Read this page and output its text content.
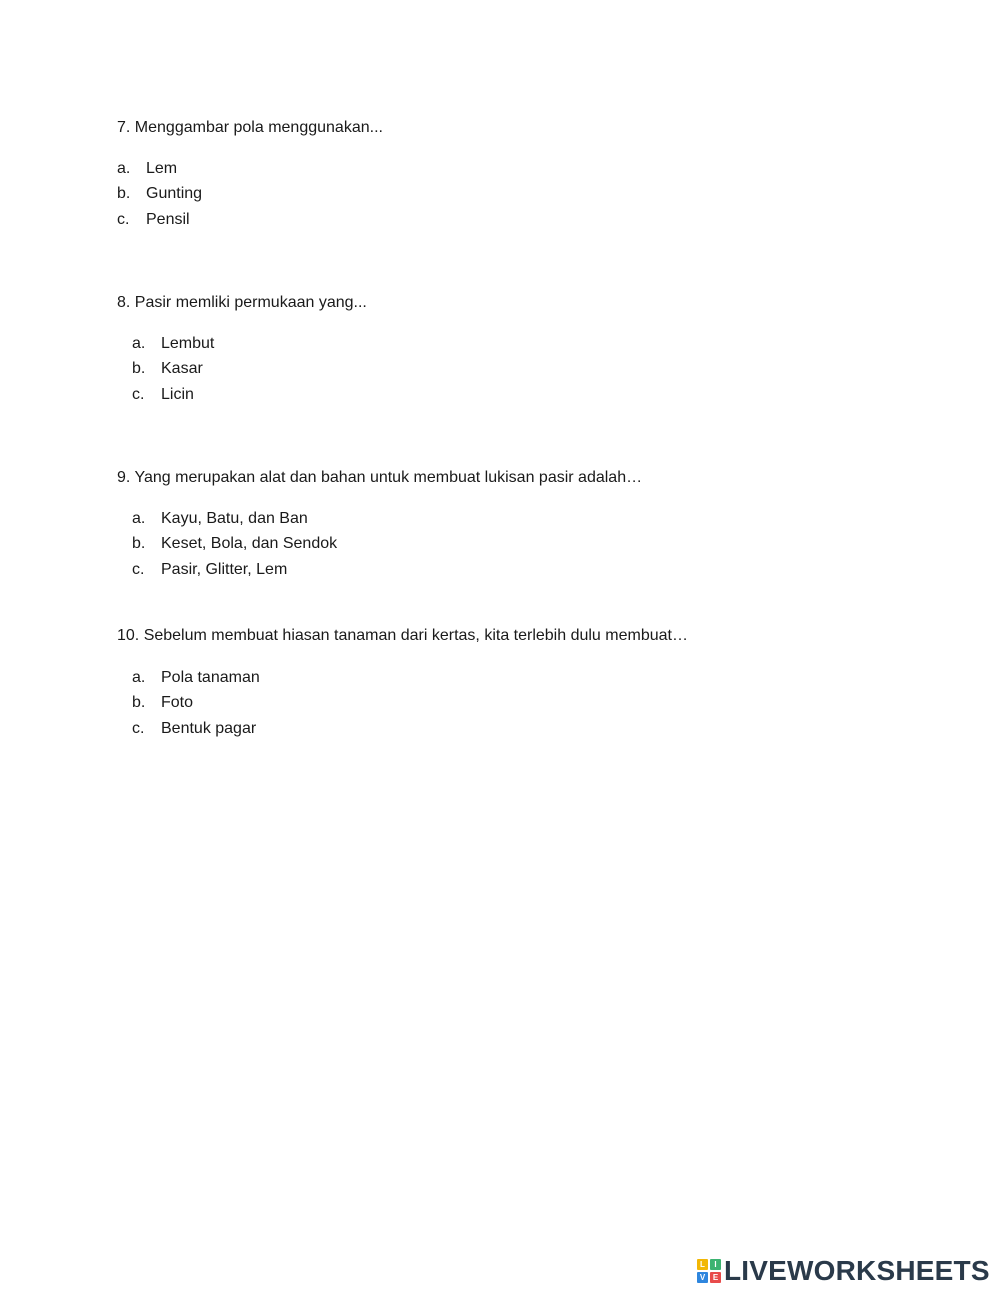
7. Menggambar pola menggunakan...
a. Lem
b. Gunting
c. Pensil
8. Pasir memliki permukaan yang...
a. Lembut
b. Kasar
c. Licin
9. Yang merupakan alat dan bahan untuk membuat lukisan pasir adalah…
a. Kayu, Batu, dan Ban
b. Keset, Bola, dan Sendok
c. Pasir, Glitter, Lem
10. Sebelum membuat hiasan tanaman dari kertas, kita terlebih dulu membuat…
a. Pola tanaman
b. Foto
c. Bentuk pagar
L	I
V E LIVEWORKSHEETS
